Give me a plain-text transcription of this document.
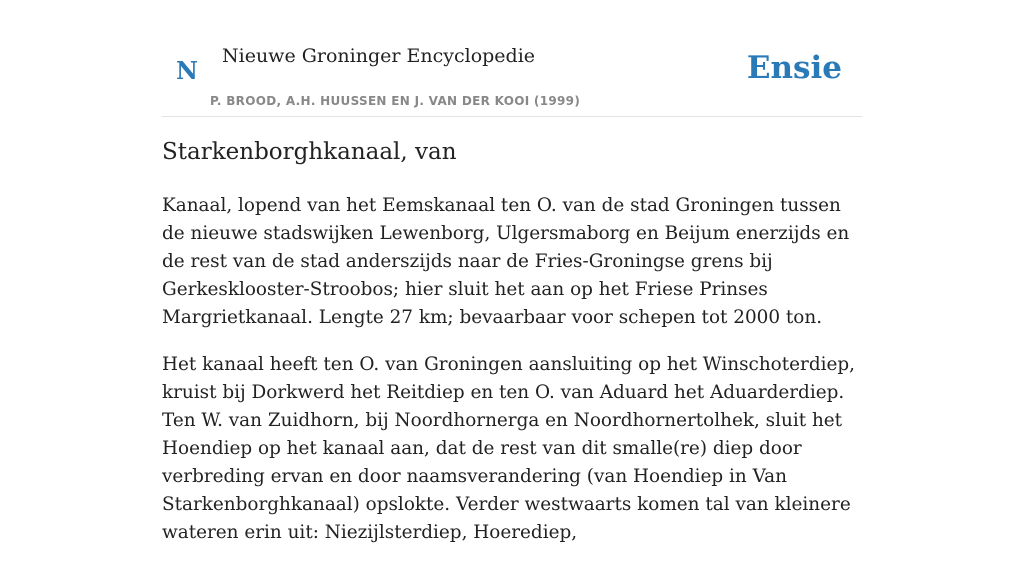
N Nieuwe Groninger Encyclopedie
P. BROOD, A.H. HUUSSEN EN J. VAN DER KOOI (1999)
Ensie
Starkenborghkanaal, van

Kanaal, lopend van het Eemskanaal ten O. van de stad Groningen tussen de nieuwe stadswijken Lewenborg, Ulgersmaborg en Beijum enerzijds en de rest van de stad anderszijds naar de Fries-Groningse grens bij Gerkesklooster-Stroobos; hier sluit het aan op het Friese Prinses Margrietkanaal. Lengte 27 km; bevaarbaar voor schepen tot 2000 ton.

Het kanaal heeft ten O. van Groningen aansluiting op het Winschoterdiep, kruist bij Dorkwerd het Reitdiep en ten O. van Aduard het Aduarderdiep. Ten W. van Zuidhorn, bij Noordhornerga en Noordhornertolhek, sluit het Hoendiep op het kanaal aan, dat de rest van dit smalle(re) diep door verbreding ervan en door naamsverandering (van Hoendiep in Van Starkenborghkanaal) opslokte. Verder westwaarts komen tal van kleinere wateren erin uit: Niezijlsterdiep, Hoerediep,
